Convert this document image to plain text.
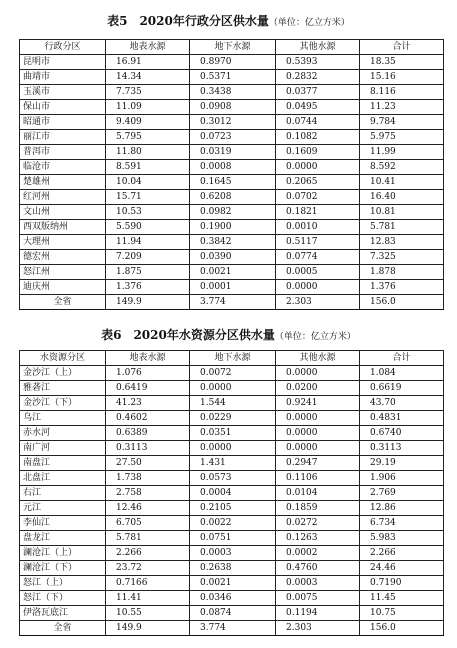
表5　2020年行政分区供水量（单位：亿立方米）
行政分区	地表水源	地下水源	其他水源	合计
昆明市	16.91	0.8970	0.5393	18.35
曲靖市	14.34	0.5371	0.2832	15.16
玉溪市	7.735	0.3438	0.0377	8.116
保山市	11.09	0.0908	0.0495	11.23
昭通市	9.409	0.3012	0.0744	9.784
丽江市	5.795	0.0723	0.1082	5.975
普洱市	11.80	0.0319	0.1609	11.99
临沧市	8.591	0.0008	0.0000	8.592
楚雄州	10.04	0.1645	0.2065	10.41
红河州	15.71	0.6208	0.0702	16.40
文山州	10.53	0.0982	0.1821	10.81
西双版纳州	5.590	0.1900	0.0010	5.781
大理州	11.94	0.3842	0.5117	12.83
德宏州	7.209	0.0390	0.0774	7.325
怒江州	1.875	0.0021	0.0005	1.878
迪庆州	1.376	0.0001	0.0000	1.376
全省	149.9	3.774	2.303	156.0
表6　2020年水资源分区供水量（单位：亿立方米）
水资源分区	地表水源	地下水源	其他水源	合计
金沙江（上）	1.076	0.0072	0.0000	1.084
雅砻江	0.6419	0.0000	0.0200	0.6619
金沙江（下）	41.23	1.544	0.9241	43.70
乌江	0.4602	0.0229	0.0000	0.4831
赤水河	0.6389	0.0351	0.0000	0.6740
南广河	0.3113	0.0000	0.0000	0.3113
南盘江	27.50	1.431	0.2947	29.19
北盘江	1.738	0.0573	0.1106	1.906
右江	2.758	0.0004	0.0104	2.769
元江	12.46	0.2105	0.1859	12.86
李仙江	6.705	0.0022	0.0272	6.734
盘龙江	5.781	0.0751	0.1263	5.983
澜沧江（上）	2.266	0.0003	0.0002	2.266
澜沧江（下）	23.72	0.2638	0.4760	24.46
怒江（上）	0.7166	0.0021	0.0003	0.7190
怒江（下）	11.41	0.0346	0.0075	11.45
伊洛瓦底江	10.55	0.0874	0.1194	10.75
全省	149.9	3.774	2.303	156.0
